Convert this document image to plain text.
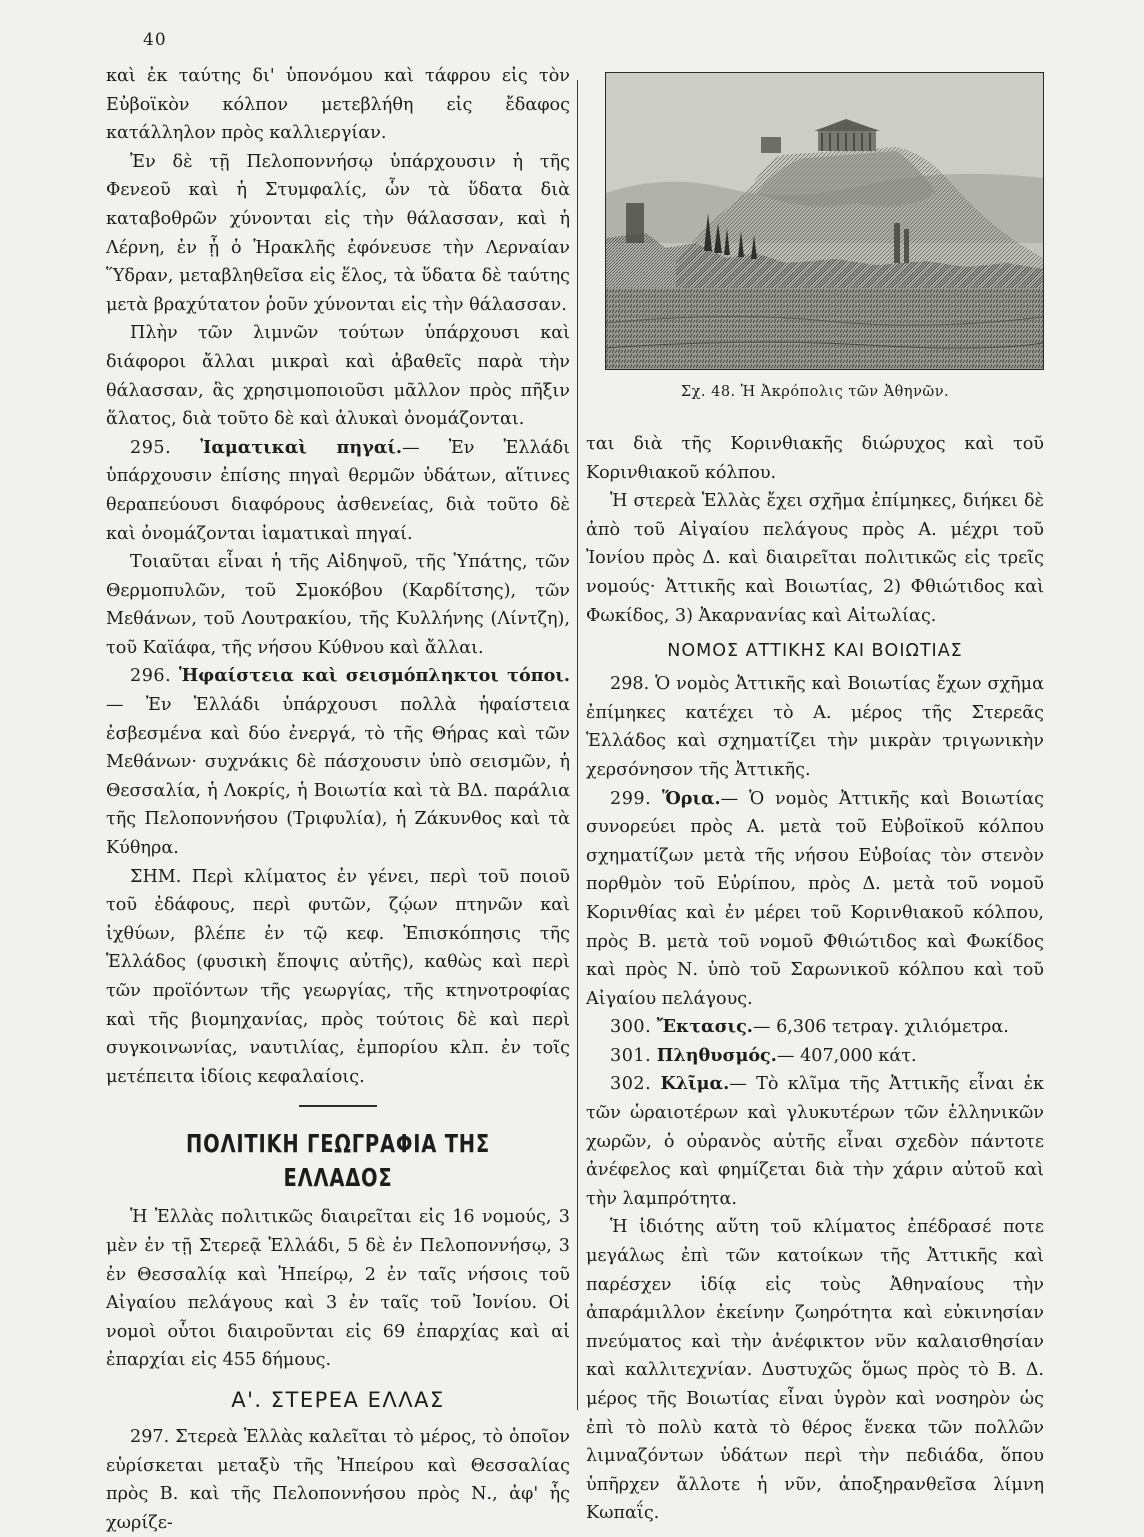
40

καὶ ἐκ ταύτης δι' ὑπονόμου καὶ τάφρου εἰς τὸν Εὐβοϊκὸν κόλπον μετεβλήθη εἰς ἔδαφος κατάλληλον πρὸς καλλιεργίαν.

Ἐν δὲ τῇ Πελοποννήσῳ ὑπάρχουσιν ἡ τῆς Φενεοῦ καὶ ἡ Στυμφαλίς, ὧν τὰ ὕδατα διὰ καταβοθρῶν χύνονται εἰς τὴν θάλασσαν, καὶ ἡ Λέρνη, ἐν ᾗ ὁ Ἡρακλῆς ἐφόνευσε τὴν Λερναίαν Ὕδραν, μεταβληθεῖσα εἰς ἕλος, τὰ ὕδατα δὲ ταύτης μετὰ βραχύτατον ῥοῦν χύνονται εἰς τὴν θάλασσαν.

Πλὴν τῶν λιμνῶν τούτων ὑπάρχουσι καὶ διάφοροι ἄλλαι μικραὶ καὶ ἀβαθεῖς παρὰ τὴν θάλασσαν, ἃς χρησιμοποιοῦσι μᾶλλον πρὸς πῆξιν ἅλατος, διὰ τοῦτο δὲ καὶ ἁλυκαὶ ὀνομάζονται.

295. Ἰαματικαὶ πηγαί.— Ἐν Ἑλλάδι ὑπάρχουσιν ἐπίσης πηγαὶ θερμῶν ὑδάτων, αἵτινες θεραπεύουσι διαφόρους ἀσθενείας, διὰ τοῦτο δὲ καὶ ὀνομάζονται ἰαματικαὶ πηγαί.

Τοιαῦται εἶναι ἡ τῆς Αἰδηψοῦ, τῆς Ὑπάτης, τῶν Θερμοπυλῶν, τοῦ Σμοκόβου (Καρδίτσης), τῶν Μεθάνων, τοῦ Λουτρακίου, τῆς Κυλλήνης (Λίντζη), τοῦ Καϊάφα, τῆς νήσου Κύθνου καὶ ἄλλαι.

296. Ἡφαίστεια καὶ σεισμόπληκτοι τόποι. — Ἐν Ἑλλάδι ὑπάρχουσι πολλὰ ἡφαίστεια ἐσβεσμένα καὶ δύο ἐνεργά, τὸ τῆς Θήρας καὶ τῶν Μεθάνων· συχνάκις δὲ πάσχουσιν ὑπὸ σεισμῶν, ἡ Θεσσαλία, ἡ Λοκρίς, ἡ Βοιωτία καὶ τὰ ΒΔ. παράλια τῆς Πελοποννήσου (Τριφυλία), ἡ Ζάκυνθος καὶ τὰ Κύθηρα.

ΣΗΜ. Περὶ κλίματος ἐν γένει, περὶ τοῦ ποιοῦ τοῦ ἐδάφους, περὶ φυτῶν, ζῴων πτηνῶν καὶ ἰχθύων, βλέπε ἐν τῷ κεφ. Ἐπισκόπησις τῆς Ἑλλάδος (φυσικὴ ἔποψις αὐτῆς), καθὼς καὶ περὶ τῶν προϊόντων τῆς γεωργίας, τῆς κτηνοτροφίας καὶ τῆς βιομηχανίας, πρὸς τούτοις δὲ καὶ περὶ συγκοινωνίας, ναυτιλίας, ἐμπορίου κλπ. ἐν τοῖς μετέπειτα ἰδίοις κεφαλαίοις.

ΠΟΛΙΤΙΚΗ ΓΕΩΓΡΑΦΙΑ ΤΗΣ ΕΛΛΑΔΟΣ

Ἡ Ἑλλὰς πολιτικῶς διαιρεῖται εἰς 16 νομούς, 3 μὲν ἐν τῇ Στερεᾷ Ἑλλάδι, 5 δὲ ἐν Πελοποννήσῳ, 3 ἐν Θεσσαλίᾳ καὶ Ἠπείρῳ, 2 ἐν ταῖς νήσοις τοῦ Αἰγαίου πελάγους καὶ 3 ἐν ταῖς τοῦ Ἰονίου. Οἱ νομοὶ οὗτοι διαιροῦνται εἰς 69 ἐπαρχίας καὶ αἱ ἐπαρχίαι εἰς 455 δήμους.

Α'. ΣΤΕΡΕΑ ΕΛΛΑΣ

297. Στερεὰ Ἑλλὰς καλεῖται τὸ μέρος, τὸ ὁποῖον εὑρίσκεται μεταξὺ τῆς Ἠπείρου καὶ Θεσσαλίας πρὸς Β. καὶ τῆς Πελοποννήσου πρὸς Ν., ἀφ' ἧς χωρίζε-

Σχ. 48. Ἡ Ἀκρόπολις τῶν Ἀθηνῶν.

ται διὰ τῆς Κορινθιακῆς διώρυχος καὶ τοῦ Κορινθιακοῦ κόλπου.

Ἡ στερεὰ Ἑλλὰς ἔχει σχῆμα ἐπίμηκες, διήκει δὲ ἀπὸ τοῦ Αἰγαίου πελάγους πρὸς Α. μέχρι τοῦ Ἰονίου πρὸς Δ. καὶ διαιρεῖται πολιτικῶς εἰς τρεῖς νομούς· Ἀττικῆς καὶ Βοιωτίας, 2) Φθιώτιδος καὶ Φωκίδος, 3) Ἀκαρνανίας καὶ Αἰτωλίας.

ΝΟΜΟΣ ΑΤΤΙΚΗΣ ΚΑΙ ΒΟΙΩΤΙΑΣ

298. Ὁ νομὸς Ἀττικῆς καὶ Βοιωτίας ἔχων σχῆμα ἐπίμηκες κατέχει τὸ Α. μέρος τῆς Στερεᾶς Ἑλλάδος καὶ σχηματίζει τὴν μικρὰν τριγωνικὴν χερσόνησον τῆς Ἀττικῆς.

299. Ὅρια.— Ὁ νομὸς Ἀττικῆς καὶ Βοιωτίας συνορεύει πρὸς Α. μετὰ τοῦ Εὐβοϊκοῦ κόλπου σχηματίζων μετὰ τῆς νήσου Εὐβοίας τὸν στενὸν πορθμὸν τοῦ Εὐρίπου, πρὸς Δ. μετὰ τοῦ νομοῦ Κορινθίας καὶ ἐν μέρει τοῦ Κορινθιακοῦ κόλπου, πρὸς Β. μετὰ τοῦ νομοῦ Φθιώτιδος καὶ Φωκίδος καὶ πρὸς Ν. ὑπὸ τοῦ Σαρωνικοῦ κόλπου καὶ τοῦ Αἰγαίου πελάγους.

300. Ἔκτασις.— 6,306 τετραγ. χιλιόμετρα.

301. Πληθυσμός.— 407,000 κάτ.

302. Κλῖμα.— Τὸ κλῖμα τῆς Ἀττικῆς εἶναι ἐκ τῶν ὡραιοτέρων καὶ γλυκυτέρων τῶν ἑλληνικῶν χωρῶν, ὁ οὐρανὸς αὐτῆς εἶναι σχεδὸν πάντοτε ἀνέφελος καὶ φημίζεται διὰ τὴν χάριν αὐτοῦ καὶ τὴν λαμπρότητα.

Ἡ ἰδιότης αὕτη τοῦ κλίματος ἐπέδρασέ ποτε μεγάλως ἐπὶ τῶν κατοίκων τῆς Ἀττικῆς καὶ παρέσχεν ἰδίᾳ εἰς τοὺς Ἀθηναίους τὴν ἀπαράμιλλον ἐκείνην ζωηρότητα καὶ εὐκινησίαν πνεύματος καὶ τὴν ἀνέφικτον νῦν καλαισθησίαν καὶ καλλιτεχνίαν. Δυστυχῶς ὅμως πρὸς τὸ Β. Δ. μέρος τῆς Βοιωτίας εἶναι ὑγρὸν καὶ νοσηρὸν ὡς ἐπὶ τὸ πολὺ κατὰ τὸ θέρος ἕνεκα τῶν πολλῶν λιμναζόντων ὑδάτων περὶ τὴν πεδιάδα, ὅπου ὑπῆρχεν ἄλλοτε ἡ νῦν, ἀποξηρανθεῖσα λίμνη Κωπαΐς.
